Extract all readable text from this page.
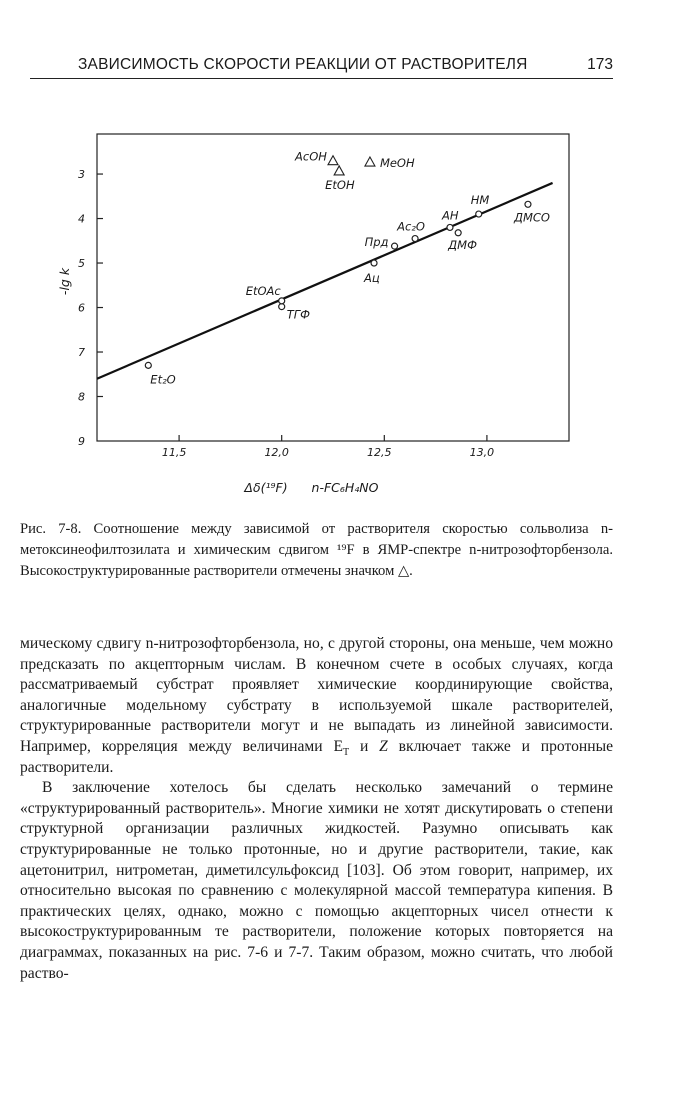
ЗАВИСИМОСТЬ СКОРОСТИ РЕАКЦИИ ОТ РАСТВОРИТЕЛЯ	173
3
4
5
6
7
8
9
11,5	12,0	12,5	13,0
-lg k
Δδ(¹⁹F) n-FC₆H₄NO
Et₂O
ТГФ
EtOAc
Ац
Прд
Ac₂O
АН
ДМФ
НМ
ДМСО
AcOH
EtOH
MeOH

Рис. 7-8. Соотношение между зависимой от растворителя скоростью сольволиза n-метоксинеофилтозилата и химическим сдвигом ¹⁹F в ЯМР-спектре n-нитрозофторбензола. Высокоструктурированные растворители отмечены значком △.

мическому сдвигу n-нитрозофторбензола, но, с другой стороны, она меньше, чем можно предсказать по акцепторным числам. В конечном счете в особых случаях, когда рассматриваемый субстрат проявляет химические координирующие свойства, аналогичные модельному субстрату в используемой шкале растворителей, структурированные растворители могут и не выпадать из линейной зависимости. Например, корреляция между величинами $E_T$ и Z включает также и протонные растворители.

В заключение хотелось бы сделать несколько замечаний о термине «структурированный растворитель». Многие химики не хотят дискутировать о степени структурной организации различных жидкостей. Разумно описывать как структурированные не только протонные, но и другие растворители, такие, как ацетонитрил, нитрометан, диметилсульфоксид [103]. Об этом говорит, например, их относительно высокая по сравнению с молекулярной массой температура кипения. В практических целях, однако, можно с помощью акцепторных чисел отнести к высокоструктурированным те растворители, положение которых повторяется на диаграммах, показанных на рис. 7-6 и 7-7. Таким образом, можно считать, что любой раство-
